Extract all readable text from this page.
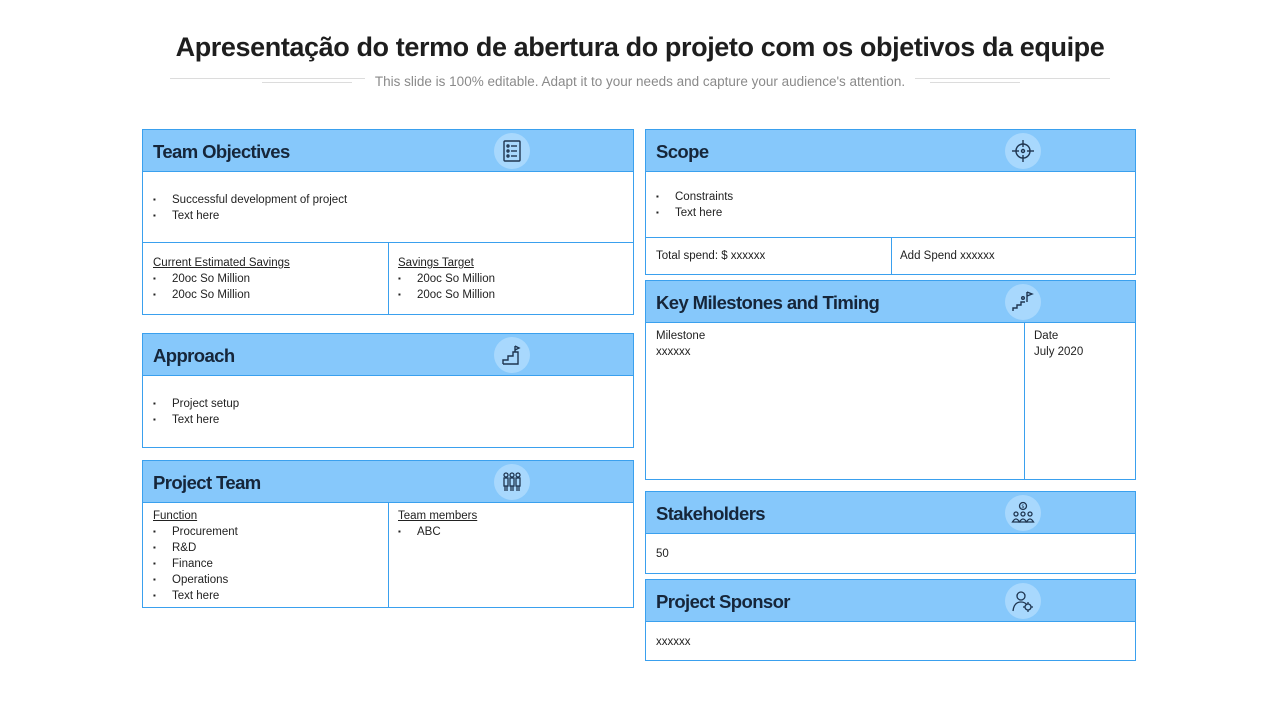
Apresentação do termo de abertura do projeto com os objetivos da equipe
This slide is 100% editable. Adapt it to your needs and capture your audience's attention.
Team Objectives
▪ Successful development of project
▪ Text here
Current Estimated Savings
▪ 20oc So Million
▪ 20oc So Million
Savings Target
▪ 20oc So Million
▪ 20oc So Million
Approach
▪ Project setup
▪ Text here
Project Team
Function
▪ Procurement
▪ R&D
▪ Finance
▪ Operations
▪ Text here
Team members
▪ ABC
Scope
▪ Constraints
▪ Text here
Total spend: $ xxxxxx	Add Spend xxxxxx
Key Milestones and Timing
Milestone
xxxxxx
Date
July 2020
Stakeholders	$
50
Project Sponsor
xxxxxx
